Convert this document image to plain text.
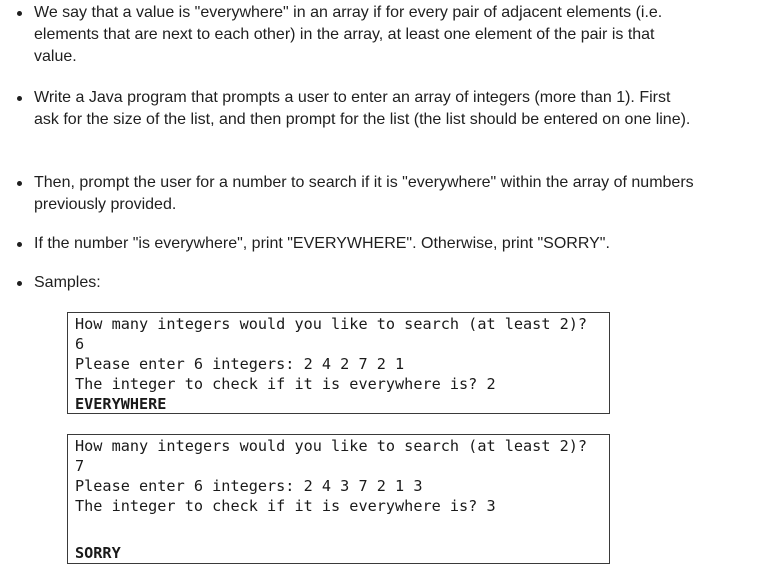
We say that a value is "everywhere" in an array if for every pair of adjacent elements (i.e. elements that are next to each other) in the array, at least one element of the pair is that value.
Write a Java program that prompts a user to enter an array of integers (more than 1). First ask for the size of the list, and then prompt for the list (the list should be entered on one line).
Then, prompt the user for a number to search if it is "everywhere" within the array of numbers previously provided.
If the number "is everywhere", print "EVERYWHERE". Otherwise, print "SORRY".
Samples:
How many integers would you like to search (at least 2)?
6
Please enter 6 integers: 2 4 2 7 2 1
The integer to check if it is everywhere is? 2
EVERYWHERE
How many integers would you like to search (at least 2)?
7
Please enter 6 integers: 2 4 3 7 2 1 3
The integer to check if it is everywhere is? 3
SORRY
